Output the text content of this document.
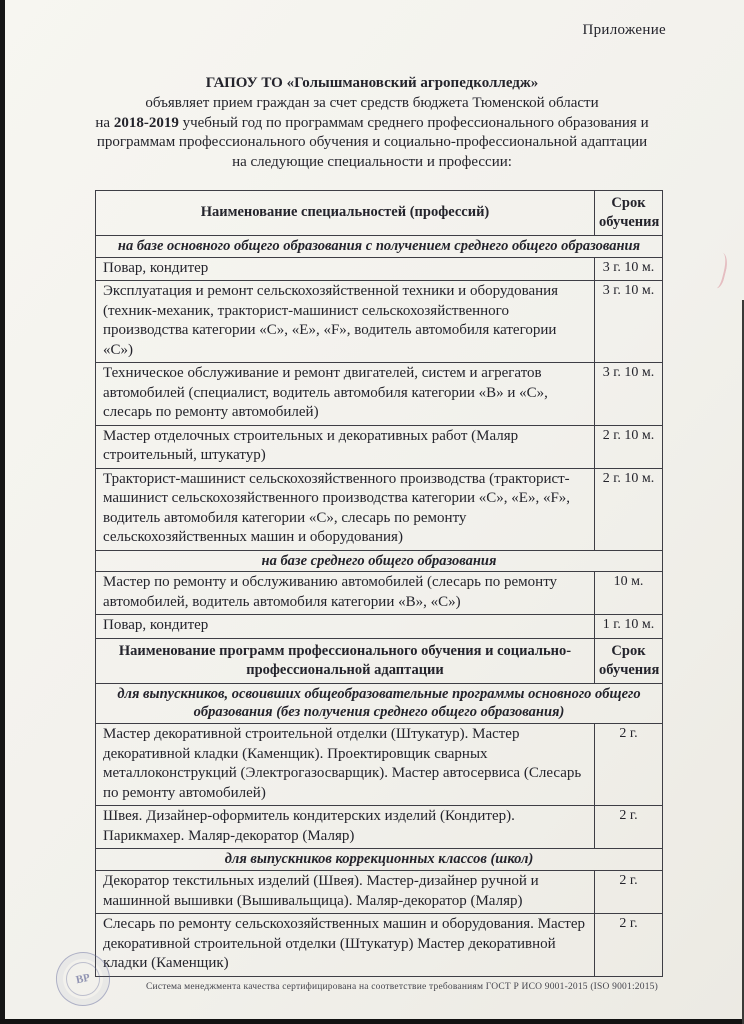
Приложение
ГАПОУ ТО «Голышмановский агропедколледж»
объявляет прием граждан за счет средств бюджета Тюменской области
на 2018-2019 учебный год по программам среднего профессионального образования и
программам профессионального обучения и социально-профессиональной адаптации
на следующие специальности и профессии:
Наименование специальностей (профессий)	Срок обучения
на базе основного общего образования с получением среднего общего образования	
Повар, кондитер	3 г. 10 м.
Эксплуатация и ремонт сельскохозяйственной техники и оборудования (техник-механик, тракторист-машинист сельскохозяйственного производства категории «С», «Е», «F», водитель автомобиля категории «С»)	3 г. 10 м.
Техническое обслуживание и ремонт двигателей, систем и агрегатов автомобилей (специалист, водитель автомобиля категории «В» и «С», слесарь по ремонту автомобилей)	3 г. 10 м.
Мастер отделочных строительных и декоративных работ (Маляр строительный, штукатур)	2 г. 10 м.
Тракторист-машинист сельскохозяйственного производства (тракторист-машинист сельскохозяйственного производства категории «С», «Е», «F», водитель автомобиля категории «С», слесарь по ремонту сельскохозяйственных машин и оборудования)	2 г. 10 м.
на базе среднего общего образования	
Мастер по ремонту и обслуживанию автомобилей (слесарь по ремонту автомобилей, водитель автомобиля категории «В», «С»)	10 м.
Повар, кондитер	1 г. 10 м.
Наименование программ профессионального обучения и социально-профессиональной адаптации	Срок обучения
для выпускников, освоивших общеобразовательные программы основного общего образования (без получения среднего общего образования)	
Мастер декоративной строительной отделки (Штукатур). Мастер декоративной кладки (Каменщик). Проектировщик сварных металлоконструкций (Электрогазосварщик). Мастер автосервиса (Слесарь по ремонту автомобилей)	2 г.
Швея. Дизайнер-оформитель кондитерских изделий (Кондитер). Парикмахер. Маляр-декоратор (Маляр)	2 г.
для выпускников коррекционных классов (школ)	
Декоратор текстильных изделий (Швея). Мастер-дизайнер ручной и машинной вышивки (Вышивальщица). Маляр-декоратор (Маляр)	2 г.
Слесарь по ремонту сельскохозяйственных машин и оборудования. Мастер декоративной строительной отделки (Штукатур) Мастер декоративной кладки (Каменщик)	2 г.
ВР
Система менеджмента качества сертифицирована на соответствие требованиям ГОСТ Р ИСО 9001-2015 (ISO 9001:2015)
